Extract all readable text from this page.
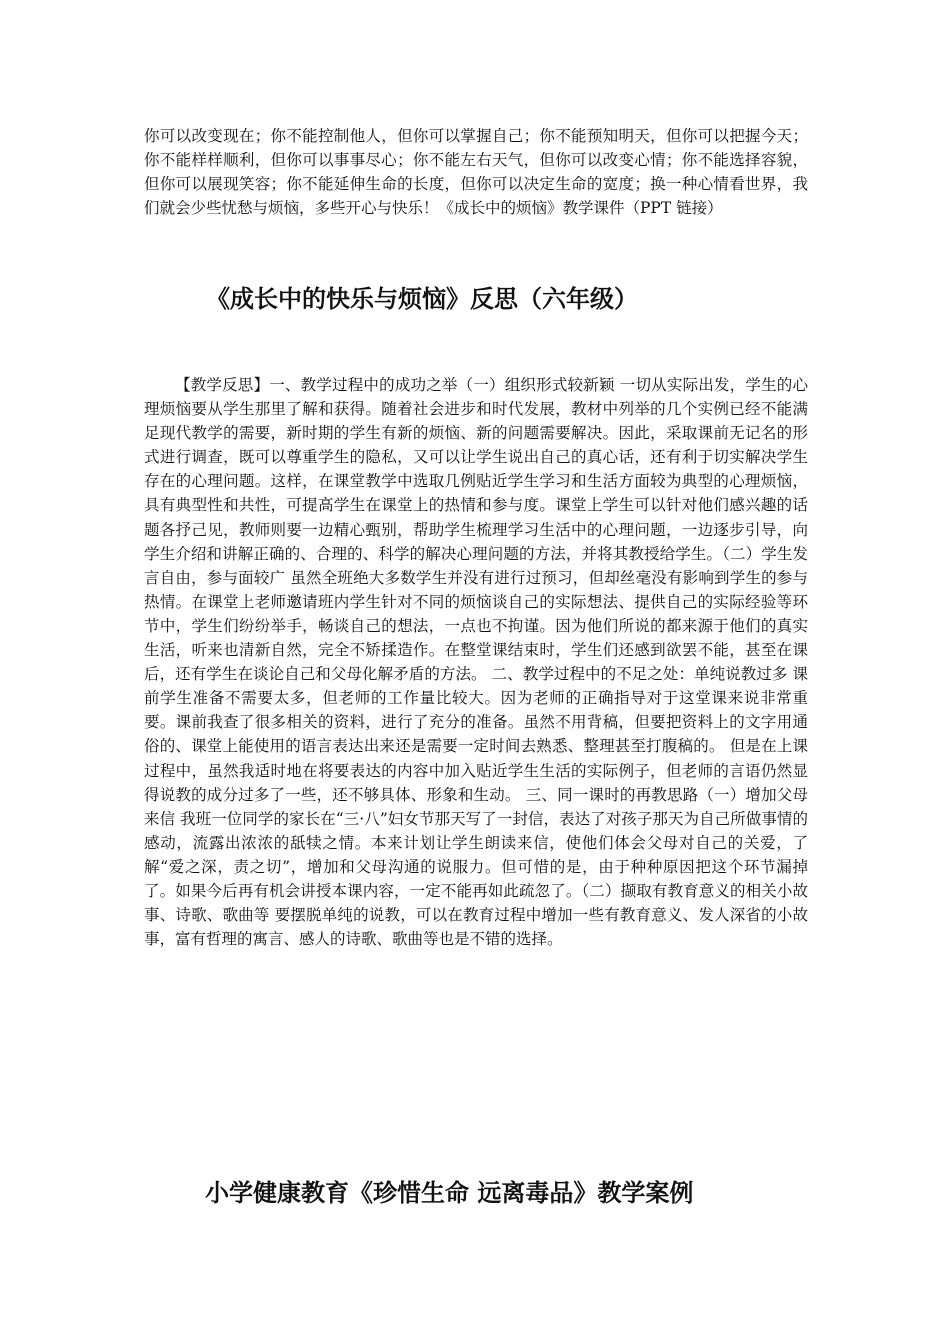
你可以改变现在；你不能控制他人，但你可以掌握自己；你不能预知明天，但你可以把握今天；你不能样样顺利，但你可以事事尽心；你不能左右天气，但你可以改变心情；你不能选择容貌，但你可以展现笑容；你不能延伸生命的长度，但你可以决定生命的宽度；换一种心情看世界，我们就会少些忧愁与烦恼，多些开心与快乐！《成长中的烦恼》教学课件（PPT 链接）

《成长中的快乐与烦恼》反思（六年级）

【教学反思】一、教学过程中的成功之举（一）组织形式较新颖 一切从实际出发，学生的心理烦恼要从学生那里了解和获得。随着社会进步和时代发展，教材中列举的几个实例已经不能满足现代教学的需要，新时期的学生有新的烦恼、新的问题需要解决。因此，采取课前无记名的形式进行调查，既可以尊重学生的隐私，又可以让学生说出自己的真心话，还有利于切实解决学生存在的心理问题。这样，在课堂教学中选取几例贴近学生学习和生活方面较为典型的心理烦恼，具有典型性和共性，可提高学生在课堂上的热情和参与度。课堂上学生可以针对他们感兴趣的话题各抒己见，教师则要一边精心甄别，帮助学生梳理学习生活中的心理问题，一边逐步引导，向学生介绍和讲解正确的、合理的、科学的解决心理问题的方法，并将其教授给学生。（二）学生发言自由，参与面较广 虽然全班绝大多数学生并没有进行过预习，但却丝毫没有影响到学生的参与热情。在课堂上老师邀请班内学生针对不同的烦恼谈自己的实际想法、提供自己的实际经验等环节中，学生们纷纷举手，畅谈自己的想法，一点也不拘谨。因为他们所说的都来源于他们的真实生活，听来也清新自然，完全不矫揉造作。在整堂课结束时，学生们还感到欲罢不能，甚至在课后，还有学生在谈论自己和父母化解矛盾的方法。 二、教学过程中的不足之处：单纯说教过多 课前学生准备不需要太多，但老师的工作量比较大。因为老师的正确指导对于这堂课来说非常重要。课前我查了很多相关的资料，进行了充分的准备。虽然不用背稿，但要把资料上的文字用通俗的、课堂上能使用的语言表达出来还是需要一定时间去熟悉、整理甚至打腹稿的。 但是在上课过程中，虽然我适时地在将要表达的内容中加入贴近学生生活的实际例子，但老师的言语仍然显得说教的成分过多了一些，还不够具体、形象和生动。 三、同一课时的再教思路（一）增加父母来信 我班一位同学的家长在“三·八”妇女节那天写了一封信，表达了对孩子那天为自己所做事情的感动，流露出浓浓的舐犊之情。本来计划让学生朗读来信，使他们体会父母对自己的关爱，了解“爱之深，责之切”，增加和父母沟通的说服力。但可惜的是，由于种种原因把这个环节漏掉了。如果今后再有机会讲授本课内容，一定不能再如此疏忽了。（二）撷取有教育意义的相关小故事、诗歌、歌曲等 要摆脱单纯的说教，可以在教育过程中增加一些有教育意义、发人深省的小故事，富有哲理的寓言、感人的诗歌、歌曲等也是不错的选择。

小学健康教育《珍惜生命 远离毒品》教学案例
